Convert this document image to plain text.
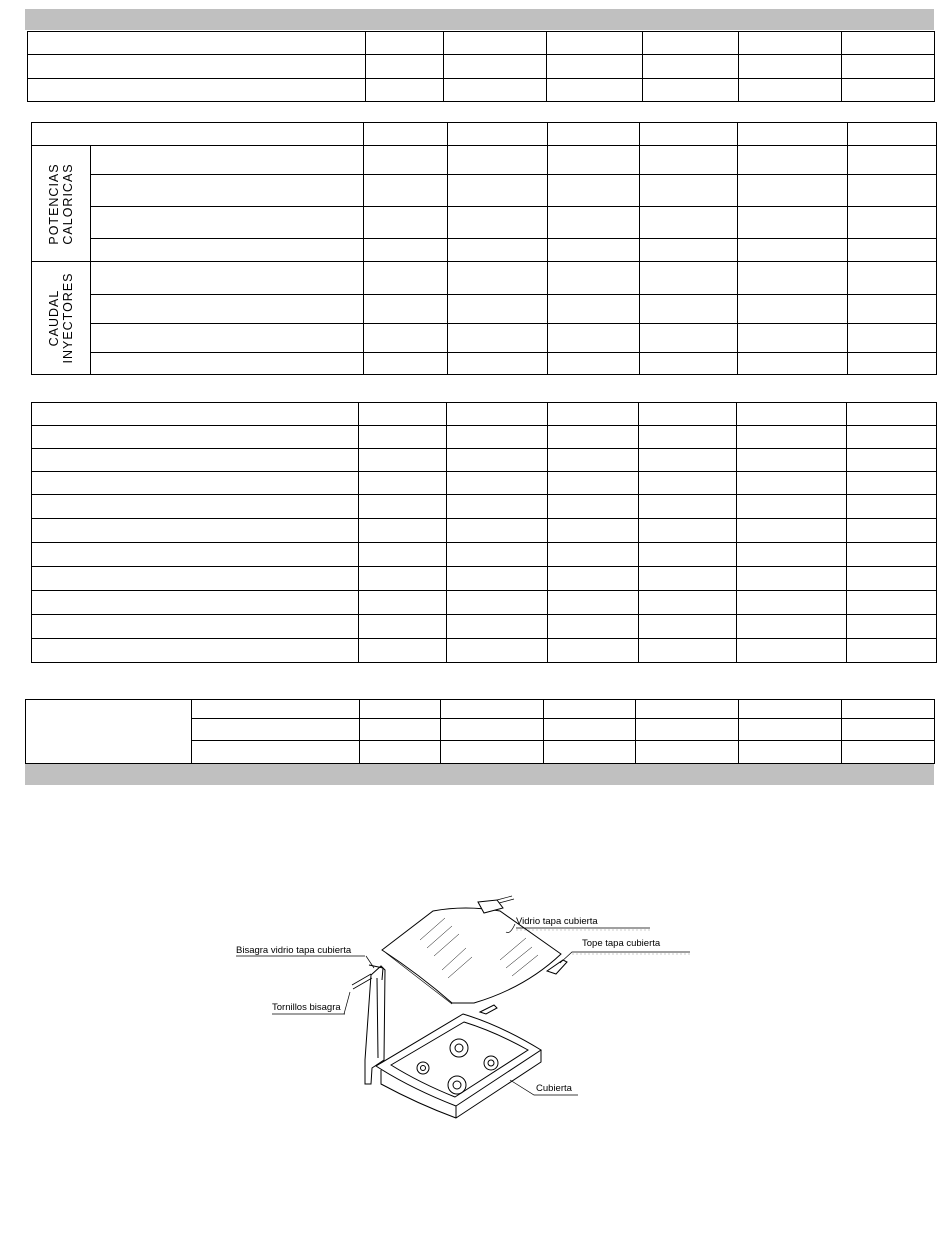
POTENCIAS
CALORICAS							

CAUDAL
INYECTORES							

Vidrio tapa cubierta
Tope tapa cubierta
Bisagra vidrio tapa cubierta
Tornillos bisagra
Cubierta
